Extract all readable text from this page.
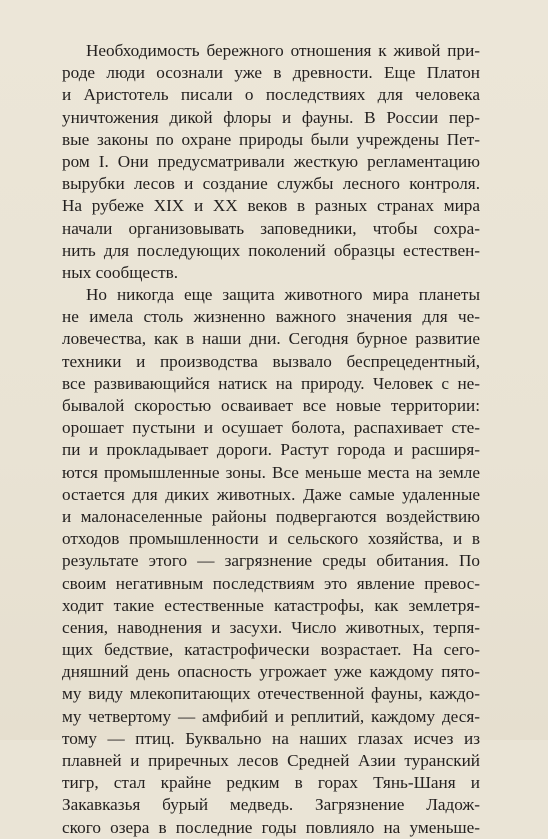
Необходимость бережного отношения к живой при-
роде люди осознали уже в древности. Еще Платон
и Аристотель писали о последствиях для человека
уничтожения дикой флоры и фауны. В России пер-
вые законы по охране природы были учреждены Пет-
ром I. Они предусматривали жесткую регламентацию
вырубки лесов и создание службы лесного контроля.
На рубеже XIX и XX веков в разных странах мира
начали организовывать заповедники, чтобы сохра-
нить для последующих поколений образцы естествен-
ных сообществ.
Но никогда еще защита животного мира планеты
не имела столь жизненно важного значения для че-
ловечества, как в наши дни. Сегодня бурное развитие
техники и производства вызвало беспрецедентный,
все развивающийся натиск на природу. Человек с не-
бывалой скоростью осваивает все новые территории:
орошает пустыни и осушает болота, распахивает сте-
пи и прокладывает дороги. Растут города и расширя-
ются промышленные зоны. Все меньше места на земле
остается для диких животных. Даже самые удаленные
и малонаселенные районы подвергаются воздействию
отходов промышленности и сельского хозяйства, и в
результате этого — загрязнение среды обитания. По
своим негативным последствиям это явление превос-
ходит такие естественные катастрофы, как землетря-
сения, наводнения и засухи. Число животных, терпя-
щих бедствие, катастрофически возрастает. На сего-
дняшний день опасность угрожает уже каждому пято-
му виду млекопитающих отечественной фауны, каждо-
му четвертому — амфибий и реплитий, каждому деся-
тому — птиц. Буквально на наших глазах исчез из
плавней и приречных лесов Средней Азии туранский
тигр, стал крайне редким в горах Тянь-Шаня и
Закавказья бурый медведь. Загрязнение Ладож-
ского озера в последние годы повлияло на уменьше-
